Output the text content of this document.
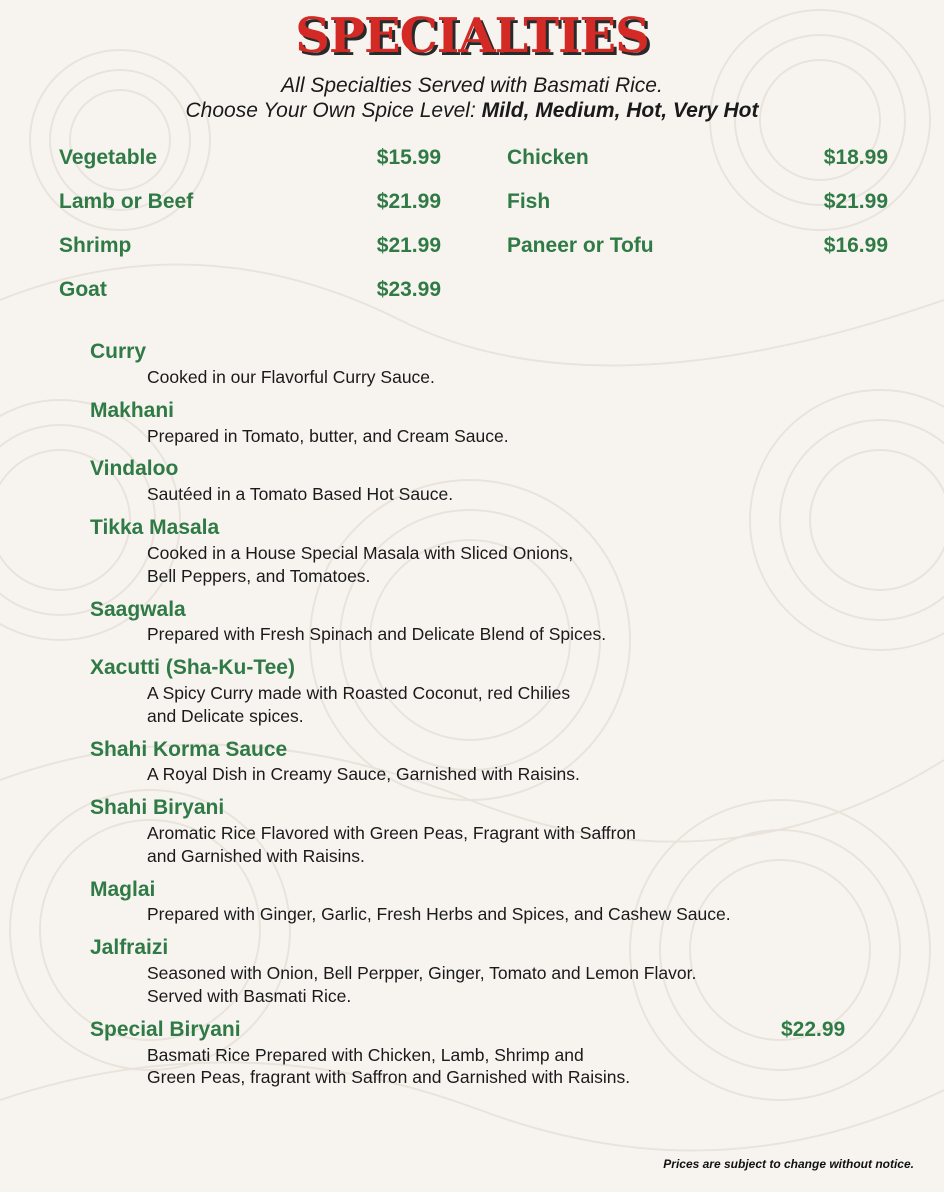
SPECIALTIES
All Specialties Served with Basmati Rice.
Choose Your Own Spice Level: Mild, Medium, Hot, Very Hot
Vegetable	$15.99
Lamb or Beef	$21.99
Shrimp	$21.99
Goat	$23.99
Chicken	$18.99
Fish	$21.99
Paneer or Tofu	$16.99
Curry
Cooked in our Flavorful Curry Sauce.
Makhani
Prepared in Tomato, butter, and Cream Sauce.
Vindaloo
Sautéed in a Tomato Based Hot Sauce.
Tikka Masala
Cooked in a House Special Masala with Sliced Onions,
Bell Peppers, and Tomatoes.
Saagwala
Prepared with Fresh Spinach and Delicate Blend of Spices.
Xacutti (Sha-Ku-Tee)
A Spicy Curry made with Roasted Coconut, red Chilies
and Delicate spices.
Shahi Korma Sauce
A Royal Dish in Creamy Sauce, Garnished with Raisins.
Shahi Biryani
Aromatic Rice Flavored with Green Peas, Fragrant with Saffron
and Garnished with Raisins.
Maglai
Prepared with Ginger, Garlic, Fresh Herbs and Spices, and Cashew Sauce.
Jalfraizi
Seasoned with Onion, Bell Perpper, Ginger, Tomato and Lemon Flavor.
Served with Basmati Rice.
Special Biryani	$22.99
Basmati Rice Prepared with Chicken, Lamb, Shrimp and
Green Peas, fragrant with Saffron and Garnished with Raisins.
Prices are subject to change without notice.
